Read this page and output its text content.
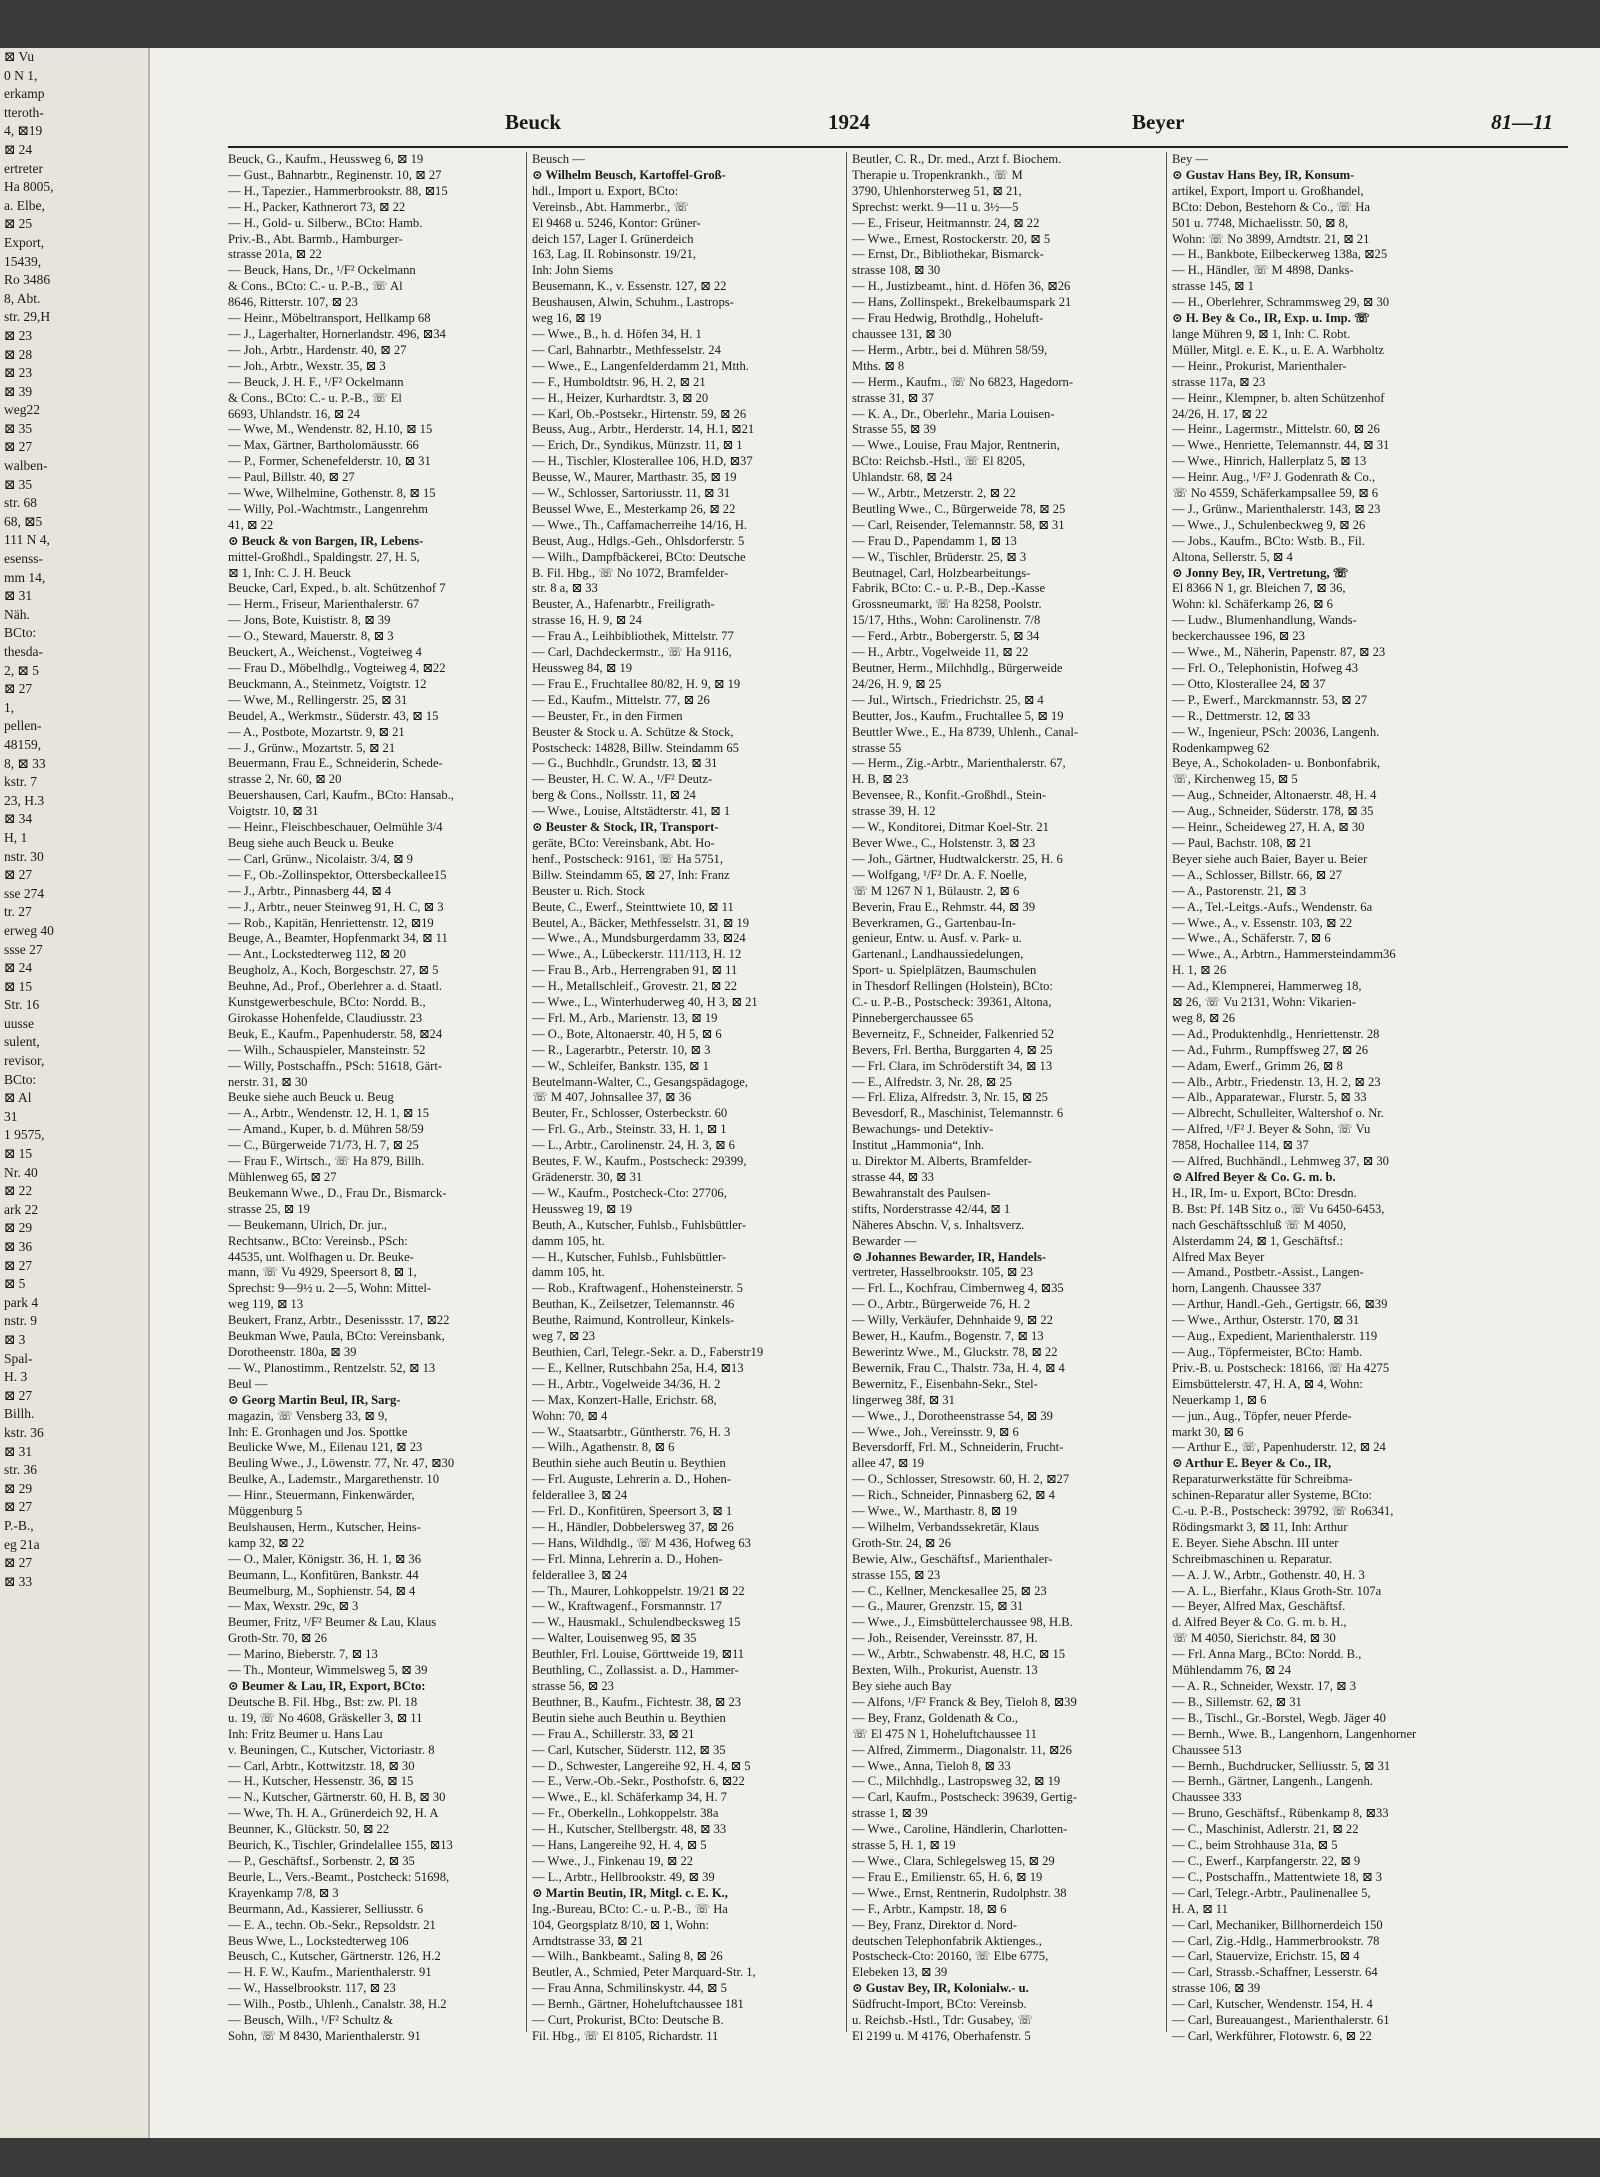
⊠ Vu
0 N 1,
erkamp
tteroth-
4, ⊠19
⊠ 24
ertreter
Ha 8005,
a. Elbe,
⊠ 25
Export,
15439,
Ro 3486
8, Abt.
str. 29,H
⊠ 23
⊠ 28
⊠ 23
⊠ 39
weg22
⊠ 35
⊠ 27
walben-
⊠ 35
str. 68
68, ⊠5
111 N 4,
esenss-
mm 14,
⊠ 31
Näh.
BCto:
thesda-
2, ⊠ 5
⊠ 27
1,
pellen-
48159,
8, ⊠ 33
kstr. 7
23, H.3
⊠ 34
H, 1
nstr. 30
⊠ 27
sse 274
tr. 27
erweg 40
ssse 27
⊠ 24
⊠ 15
Str. 16
uusse
sulent,
revisor,
BCto:
⊠ Al
31
1 9575,
⊠ 15
Nr. 40
⊠ 22
ark 22
⊠ 29
⊠ 36
⊠ 27
⊠ 5
park 4
nstr. 9
⊠ 3
Spal-
H. 3
⊠ 27
Billh.
kstr. 36
⊠ 31
str. 36
⊠ 29
⊠ 27
P.-B.,
eg 21a
⊠ 27
⊠ 33
Beuck	1924	Beyer	81—11

Beuck, G., Kaufm., Heussweg 6, ⊠ 19

— Gust., Bahnarbtr., Reginenstr. 10, ⊠ 27

— H., Tapezier., Hammerbrookstr. 88, ⊠15

— H., Packer, Kathnerort 73, ⊠ 22

— H., Gold- u. Silberw., BCto: Hamb.

Priv.-B., Abt. Barmb., Hamburger-

strasse 201a, ⊠ 22

— Beuck, Hans, Dr., ¹/F² Ockelmann

& Cons., BCto: C.- u. P.-B., ☏ Al

8646, Ritterstr. 107, ⊠ 23

— Heinr., Möbeltransport, Hellkamp 68

— J., Lagerhalter, Hornerlandstr. 496, ⊠34

— Joh., Arbtr., Hardenstr. 40, ⊠ 27

— Joh., Arbtr., Wexstr. 35, ⊠ 3

— Beuck, J. H. F., ¹/F² Ockelmann

& Cons., BCto: C.- u. P.-B., ☏ El

6693, Uhlandstr. 16, ⊠ 24

— Wwe, M., Wendenstr. 82, H.10, ⊠ 15

— Max, Gärtner, Bartholomäusstr. 66

— P., Former, Schenefelderstr. 10, ⊠ 31

— Paul, Billstr. 40, ⊠ 27

— Wwe, Wilhelmine, Gothenstr. 8, ⊠ 15

— Willy, Pol.-Wachtmstr., Langenrehm

41, ⊠ 22

⊙ Beuck & von Bargen, IR, Lebens-

mittel-Großhdl., Spaldingstr. 27, H. 5,

⊠ 1, Inh: C. J. H. Beuck

Beucke, Carl, Exped., b. alt. Schützenhof 7

— Herm., Friseur, Marienthalerstr. 67

— Jons, Bote, Kuististr. 8, ⊠ 39

— O., Steward, Mauerstr. 8, ⊠ 3

Beuckert, A., Weichenst., Vogteiweg 4

— Frau D., Möbelhdlg., Vogteiweg 4, ⊠22

Beuckmann, A., Steinmetz, Voigtstr. 12

— Wwe, M., Rellingerstr. 25, ⊠ 31

Beudel, A., Werkmstr., Süderstr. 43, ⊠ 15

— A., Postbote, Mozartstr. 9, ⊠ 21

— J., Grünw., Mozartstr. 5, ⊠ 21

Beuermann, Frau E., Schneiderin, Schede-

strasse 2, Nr. 60, ⊠ 20

Beuershausen, Carl, Kaufm., BCto: Hansab.,

Voigtstr. 10, ⊠ 31

— Heinr., Fleischbeschauer, Oelmühle 3/4

Beug siehe auch Beuck u. Beuke

— Carl, Grünw., Nicolaistr. 3/4, ⊠ 9

— F., Ob.-Zollinspektor, Ottersbeckallee15

— J., Arbtr., Pinnasberg 44, ⊠ 4

— J., Arbtr., neuer Steinweg 91, H. C, ⊠ 3

— Rob., Kapitän, Henriettenstr. 12, ⊠19

Beuge, A., Beamter, Hopfenmarkt 34, ⊠ 11

— Ant., Lockstedterweg 112, ⊠ 20

Beugholz, A., Koch, Borgeschstr. 27, ⊠ 5

Beuhne, Ad., Prof., Oberlehrer a. d. Staatl.

Kunstgewerbeschule, BCto: Nordd. B.,

Girokasse Hohenfelde, Claudiusstr. 23

Beuk, E., Kaufm., Papenhuderstr. 58, ⊠24

— Wilh., Schauspieler, Mansteinstr. 52

— Willy, Postschaffn., PSch: 51618, Gärt-

nerstr. 31, ⊠ 30

Beuke siehe auch Beuck u. Beug

— A., Arbtr., Wendenstr. 12, H. 1, ⊠ 15

— Amand., Kuper, b. d. Mühren 58/59

— C., Bürgerweide 71/73, H. 7, ⊠ 25

— Frau F., Wirtsch., ☏ Ha 879, Billh.

Mühlenweg 65, ⊠ 27

Beukemann Wwe., D., Frau Dr., Bismarck-

strasse 25, ⊠ 19

— Beukemann, Ulrich, Dr. jur.,

Rechtsanw., BCto: Vereinsb., PSch:

44535, unt. Wolfhagen u. Dr. Beuke-

mann, ☏ Vu 4929, Speersort 8, ⊠ 1,

Sprechst: 9—9½ u. 2—5, Wohn: Mittel-

weg 119, ⊠ 13

Beukert, Franz, Arbtr., Desenissstr. 17, ⊠22

Beukman Wwe, Paula, BCto: Vereinsbank,

Dorotheenstr. 180a, ⊠ 39

— W., Planostimm., Rentzelstr. 52, ⊠ 13

Beul —

⊙ Georg Martin Beul, IR, Sarg-

magazin, ☏ Vensberg 33, ⊠ 9,

Inh: E. Gronhagen und Jos. Spottke

Beulicke Wwe, M., Eilenau 121, ⊠ 23

Beuling Wwe., J., Löwenstr. 77, Nr. 47, ⊠30

Beulke, A., Lademstr., Margarethenstr. 10

— Hinr., Steuermann, Finkenwärder,

Müggenburg 5

Beulshausen, Herm., Kutscher, Heins-

kamp 32, ⊠ 22

— O., Maler, Königstr. 36, H. 1, ⊠ 36

Beumann, L., Konfitüren, Bankstr. 44

Beumelburg, M., Sophienstr. 54, ⊠ 4

— Max, Wexstr. 29c, ⊠ 3

Beumer, Fritz, ¹/F² Beumer & Lau, Klaus

Groth-Str. 70, ⊠ 26

— Marino, Bieberstr. 7, ⊠ 13

— Th., Monteur, Wimmelsweg 5, ⊠ 39

⊙ Beumer & Lau, IR, Export, BCto:

Deutsche B. Fil. Hbg., Bst: zw. Pl. 18

u. 19, ☏ No 4608, Gräskeller 3, ⊠ 11

Inh: Fritz Beumer u. Hans Lau

v. Beuningen, C., Kutscher, Victoriastr. 8

— Carl, Arbtr., Kottwitzstr. 18, ⊠ 30

— H., Kutscher, Hessenstr. 36, ⊠ 15

— N., Kutscher, Gärtnerstr. 60, H. B, ⊠ 30

— Wwe, Th. H. A., Grünerdeich 92, H. A

Beunner, K., Glückstr. 50, ⊠ 22

Beurich, K., Tischler, Grindelallee 155, ⊠13

— P., Geschäftsf., Sorbenstr. 2, ⊠ 35

Beurle, L., Vers.-Beamt., Postcheck: 51698,

Krayenkamp 7/8, ⊠ 3

Beurmann, Ad., Kassierer, Selliusstr. 6

— E. A., techn. Ob.-Sekr., Repsoldstr. 21

Beus Wwe, L., Lockstedterweg 106

Beusch, C., Kutscher, Gärtnerstr. 126, H.2

— H. F. W., Kaufm., Marienthalerstr. 91

— W., Hasselbrookstr. 117, ⊠ 23

— Wilh., Postb., Uhlenh., Canalstr. 38, H.2

— Beusch, Wilh., ¹/F² Schultz &

Sohn, ☏ M 8430, Marienthalerstr. 91

Beusch —

⊙ Wilhelm Beusch, Kartoffel-Groß-

hdl., Import u. Export, BCto:

Vereinsb., Abt. Hammerbr., ☏

El 9468 u. 5246, Kontor: Grüner-

deich 157, Lager I. Grünerdeich

163, Lag. II. Robinsonstr. 19/21,

Inh: John Siems

Beusemann, K., v. Essenstr. 127, ⊠ 22

Beushausen, Alwin, Schuhm., Lastrops-

weg 16, ⊠ 19

— Wwe., B., h. d. Höfen 34, H. 1

— Carl, Bahnarbtr., Methfesselstr. 24

— Wwe., E., Langenfelderdamm 21, Mtth.

— F., Humboldtstr. 96, H. 2, ⊠ 21

— H., Heizer, Kurhardtstr. 3, ⊠ 20

— Karl, Ob.-Postsekr., Hirtenstr. 59, ⊠ 26

Beuss, Aug., Arbtr., Herderstr. 14, H.1, ⊠21

— Erich, Dr., Syndikus, Münzstr. 11, ⊠ 1

— H., Tischler, Klosterallee 106, H.D, ⊠37

Beusse, W., Maurer, Marthastr. 35, ⊠ 19

— W., Schlosser, Sartoriusstr. 11, ⊠ 31

Beussel Wwe, E., Mesterkamp 26, ⊠ 22

— Wwe., Th., Caffamacherreihe 14/16, H.

Beust, Aug., Hdlgs.-Geh., Ohlsdorferstr. 5

— Wilh., Dampfbäckerei, BCto: Deutsche

B. Fil. Hbg., ☏ No 1072, Bramfelder-

str. 8 a, ⊠ 33

Beuster, A., Hafenarbtr., Freiligrath-

strasse 16, H. 9, ⊠ 24

— Frau A., Leihbibliothek, Mittelstr. 77

— Carl, Dachdeckermstr., ☏ Ha 9116,

Heussweg 84, ⊠ 19

— Frau E., Fruchtallee 80/82, H. 9, ⊠ 19

— Ed., Kaufm., Mittelstr. 77, ⊠ 26

— Beuster, Fr., in den Firmen

Beuster & Stock u. A. Schütze & Stock,

Postscheck: 14828, Billw. Steindamm 65

— G., Buchhdlr., Grundstr. 13, ⊠ 31

— Beuster, H. C. W. A., ¹/F² Deutz-

berg & Cons., Nollsstr. 11, ⊠ 24

— Wwe., Louise, Altstädterstr. 41, ⊠ 1

⊙ Beuster & Stock, IR, Transport-

geräte, BCto: Vereinsbank, Abt. Ho-

henf., Postscheck: 9161, ☏ Ha 5751,

Billw. Steindamm 65, ⊠ 27, Inh: Franz

Beuster u. Rich. Stock

Beute, C., Ewerf., Steinttwiete 10, ⊠ 11

Beutel, A., Bäcker, Methfesselstr. 31, ⊠ 19

— Wwe., A., Mundsburgerdamm 33, ⊠24

— Wwe., A., Lübeckerstr. 111/113, H. 12

— Frau B., Arb., Herrengraben 91, ⊠ 11

— H., Metallschleif., Grovestr. 21, ⊠ 22

— Wwe., L., Winterhuderweg 40, H 3, ⊠ 21

— Frl. M., Arb., Marienstr. 13, ⊠ 19

— O., Bote, Altonaerstr. 40, H 5, ⊠ 6

— R., Lagerarbtr., Peterstr. 10, ⊠ 3

— W., Schleifer, Bankstr. 135, ⊠ 1

Beutelmann-Walter, C., Gesangspädagoge,

☏ M 407, Johnsallee 37, ⊠ 36

Beuter, Fr., Schlosser, Osterbeckstr. 60

— Frl. G., Arb., Steinstr. 33, H. 1, ⊠ 1

— L., Arbtr., Carolinenstr. 24, H. 3, ⊠ 6

Beutes, F. W., Kaufm., Postscheck: 29399,

Grädenerstr. 30, ⊠ 31

— W., Kaufm., Postcheck-Cto: 27706,

Heussweg 19, ⊠ 19

Beuth, A., Kutscher, Fuhlsb., Fuhlsbüttler-

damm 105, ht.

— H., Kutscher, Fuhlsb., Fuhlsbüttler-

damm 105, ht.

— Rob., Kraftwagenf., Hohensteinerstr. 5

Beuthan, K., Zeilsetzer, Telemannstr. 46

Beuthe, Raimund, Kontrolleur, Kinkels-

weg 7, ⊠ 23

Beuthien, Carl, Telegr.-Sekr. a. D., Faberstr19

— E., Kellner, Rutschbahn 25a, H.4, ⊠13

— H., Arbtr., Vogelweide 34/36, H. 2

— Max, Konzert-Halle, Erichstr. 68,

Wohn: 70, ⊠ 4

— W., Staatsarbtr., Güntherstr. 76, H. 3

— Wilh., Agathenstr. 8, ⊠ 6

Beuthin siehe auch Beutin u. Beythien

— Frl. Auguste, Lehrerin a. D., Hohen-

felderallee 3, ⊠ 24

— Frl. D., Konfitüren, Speersort 3, ⊠ 1

— H., Händler, Dobbelersweg 37, ⊠ 26

— Hans, Wildhdlg., ☏ M 436, Hofweg 63

— Frl. Minna, Lehrerin a. D., Hohen-

felderallee 3, ⊠ 24

— Th., Maurer, Lohkoppelstr. 19/21 ⊠ 22

— W., Kraftwagenf., Forsmannstr. 17

— W., Hausmakl., Schulendbecksweg 15

— Walter, Louisenweg 95, ⊠ 35

Beuthler, Frl. Louise, Görttweide 19, ⊠11

Beuthling, C., Zollassist. a. D., Hammer-

strasse 56, ⊠ 23

Beuthner, B., Kaufm., Fichtestr. 38, ⊠ 23

Beutin siehe auch Beuthin u. Beythien

— Frau A., Schillerstr. 33, ⊠ 21

— Carl, Kutscher, Süderstr. 112, ⊠ 35

— D., Schwester, Langereihe 92, H. 4, ⊠ 5

— E., Verw.-Ob.-Sekr., Posthofstr. 6, ⊠22

— Wwe., E., kl. Schäferkamp 34, H. 7

— Fr., Oberkelln., Lohkoppelstr. 38a

— H., Kutscher, Stellbergstr. 48, ⊠ 33

— Hans, Langereihe 92, H. 4, ⊠ 5

— Wwe., J., Finkenau 19, ⊠ 22

— L., Arbtr., Hellbrookstr. 49, ⊠ 39

⊙ Martin Beutin, IR, Mitgl. c. E. K.,

Ing.-Bureau, BCto: C.- u. P.-B., ☏ Ha

104, Georgsplatz 8/10, ⊠ 1, Wohn:

Arndtstrasse 33, ⊠ 21

— Wilh., Bankbeamt., Saling 8, ⊠ 26

Beutler, A., Schmied, Peter Marquard-Str. 1,

— Frau Anna, Schmilinskystr. 44, ⊠ 5

— Bernh., Gärtner, Hoheluftchaussee 181

— Curt, Prokurist, BCto: Deutsche B.

Fil. Hbg., ☏ El 8105, Richardstr. 11

Beutler, C. R., Dr. med., Arzt f. Biochem.

Therapie u. Tropenkrankh., ☏ M

3790, Uhlenhorsterweg 51, ⊠ 21,

Sprechst: werkt. 9—11 u. 3½—5

— E., Friseur, Heitmannstr. 24, ⊠ 22

— Wwe., Ernest, Rostockerstr. 20, ⊠ 5

— Ernst, Dr., Bibliothekar, Bismarck-

strasse 108, ⊠ 30

— H., Justizbeamt., hint. d. Höfen 36, ⊠26

— Hans, Zollinspekt., Brekelbaumspark 21

— Frau Hedwig, Brothdlg., Hoheluft-

chaussee 131, ⊠ 30

— Herm., Arbtr., bei d. Mühren 58/59,

Mths. ⊠ 8

— Herm., Kaufm., ☏ No 6823, Hagedorn-

strasse 31, ⊠ 37

— K. A., Dr., Oberlehr., Maria Louisen-

Strasse 55, ⊠ 39

— Wwe., Louise, Frau Major, Rentnerin,

BCto: Reichsb.-Hstl., ☏ El 8205,

Uhlandstr. 68, ⊠ 24

— W., Arbtr., Metzerstr. 2, ⊠ 22

Beutling Wwe., C., Bürgerweide 78, ⊠ 25

— Carl, Reisender, Telemannstr. 58, ⊠ 31

— Frau D., Papendamm 1, ⊠ 13

— W., Tischler, Brüderstr. 25, ⊠ 3

Beutnagel, Carl, Holzbearbeitungs-

Fabrik, BCto: C.- u. P.-B., Dep.-Kasse

Grossneumarkt, ☏ Ha 8258, Poolstr.

15/17, Hths., Wohn: Carolinenstr. 7/8

— Ferd., Arbtr., Bobergerstr. 5, ⊠ 34

— H., Arbtr., Vogelweide 11, ⊠ 22

Beutner, Herm., Milchhdlg., Bürgerweide

24/26, H. 9, ⊠ 25

— Jul., Wirtsch., Friedrichstr. 25, ⊠ 4

Beutter, Jos., Kaufm., Fruchtallee 5, ⊠ 19

Beuttler Wwe., E., Ha 8739, Uhlenh., Canal-

strasse 55

— Herm., Zig.-Arbtr., Marienthalerstr. 67,

H. B, ⊠ 23

Bevensee, R., Konfit.-Großhdl., Stein-

strasse 39, H. 12

— W., Konditorei, Ditmar Koel-Str. 21

Bever Wwe., C., Holstenstr. 3, ⊠ 23

— Joh., Gärtner, Hudtwalckerstr. 25, H. 6

— Wolfgang, ¹/F² Dr. A. F. Noelle,

☏ M 1267 N 1, Bülaustr. 2, ⊠ 6

Beverin, Frau E., Rehmstr. 44, ⊠ 39

Beverkramen, G., Gartenbau-In-

genieur, Entw. u. Ausf. v. Park- u.

Gartenanl., Landhaussiedelungen,

Sport- u. Spielplätzen, Baumschulen

in Thesdorf Rellingen (Holstein), BCto:

C.- u. P.-B., Postscheck: 39361, Altona,

Pinnebergerchaussee 65

Beverneitz, F., Schneider, Falkenried 52

Bevers, Frl. Bertha, Burggarten 4, ⊠ 25

— Frl. Clara, im Schröderstift 34, ⊠ 13

— E., Alfredstr. 3, Nr. 28, ⊠ 25

— Frl. Eliza, Alfredstr. 3, Nr. 15, ⊠ 25

Bevesdorf, R., Maschinist, Telemannstr. 6

Bewachungs- und Detektiv-

Institut „Hammonia“, Inh.

u. Direktor M. Alberts, Bramfelder-

strasse 44, ⊠ 33

Bewahranstalt des Paulsen-

stifts, Norderstrasse 42/44, ⊠ 1

Näheres Abschn. V, s. Inhaltsverz.

Bewarder —

⊙ Johannes Bewarder, IR, Handels-

vertreter, Hasselbrookstr. 105, ⊠ 23

— Frl. L., Kochfrau, Cimbernweg 4, ⊠35

— O., Arbtr., Bürgerweide 76, H. 2

— Willy, Verkäufer, Dehnhaide 9, ⊠ 22

Bewer, H., Kaufm., Bogenstr. 7, ⊠ 13

Bewerintz Wwe., M., Gluckstr. 78, ⊠ 22

Bewernik, Frau C., Thalstr. 73a, H. 4, ⊠ 4

Bewernitz, F., Eisenbahn-Sekr., Stel-

lingerweg 38f, ⊠ 31

— Wwe., J., Dorotheenstrasse 54, ⊠ 39

— Wwe., Joh., Vereinsstr. 9, ⊠ 6

Beversdorff, Frl. M., Schneiderin, Frucht-

allee 47, ⊠ 19

— O., Schlosser, Stresowstr. 60, H. 2, ⊠27

— Rich., Schneider, Pinnasberg 62, ⊠ 4

— Wwe., W., Marthastr. 8, ⊠ 19

— Wilhelm, Verbandssekretär, Klaus

Groth-Str. 24, ⊠ 26

Bewie, Alw., Geschäftsf., Marienthaler-

strasse 155, ⊠ 23

— C., Kellner, Menckesallee 25, ⊠ 23

— G., Maurer, Grenzstr. 15, ⊠ 31

— Wwe., J., Eimsbüttelerchaussee 98, H.B.

— Joh., Reisender, Vereinsstr. 87, H.

— W., Arbtr., Schwabenstr. 48, H.C, ⊠ 15

Bexten, Wilh., Prokurist, Auenstr. 13

Bey siehe auch Bay

— Alfons, ¹/F² Franck & Bey, Tieloh 8, ⊠39

— Bey, Franz, Goldenath & Co.,

☏ El 475 N 1, Hoheluftchaussee 11

— Alfred, Zimmerm., Diagonalstr. 11, ⊠26

— Wwe., Anna, Tieloh 8, ⊠ 33

— C., Milchhdlg., Lastropsweg 32, ⊠ 19

— Carl, Kaufm., Postscheck: 39639, Gertig-

strasse 1, ⊠ 39

— Wwe., Caroline, Händlerin, Charlotten-

strasse 5, H. 1, ⊠ 19

— Wwe., Clara, Schlegelsweg 15, ⊠ 29

— Frau E., Emilienstr. 65, H. 6, ⊠ 19

— Wwe., Ernst, Rentnerin, Rudolphstr. 38

— F., Arbtr., Kampstr. 18, ⊠ 6

— Bey, Franz, Direktor d. Nord-

deutschen Telephonfabrik Aktienges.,

Postscheck-Cto: 20160, ☏ Elbe 6775,

Elebeken 13, ⊠ 39

⊙ Gustav Bey, IR, Kolonialw.- u.

Südfrucht-Import, BCto: Vereinsb.

u. Reichsb.-Hstl., Tdr: Gusabey, ☏

El 2199 u. M 4176, Oberhafenstr. 5

Bey —

⊙ Gustav Hans Bey, IR, Konsum-

artikel, Export, Import u. Großhandel,

BCto: Debon, Bestehorn & Co., ☏ Ha

501 u. 7748, Michaelisstr. 50, ⊠ 8,

Wohn: ☏ No 3899, Arndtstr. 21, ⊠ 21

— H., Bankbote, Eilbeckerweg 138a, ⊠25

— H., Händler, ☏ M 4898, Danks-

strasse 145, ⊠ 1

— H., Oberlehrer, Schrammsweg 29, ⊠ 30

⊙ H. Bey & Co., IR, Exp. u. Imp. ☏

lange Mühren 9, ⊠ 1, Inh: C. Robt.

Müller, Mitgl. e. E. K., u. E. A. Warbholtz

— Heinr., Prokurist, Marienthaler-

strasse 117a, ⊠ 23

— Heinr., Klempner, b. alten Schützenhof

24/26, H. 17, ⊠ 22

— Heinr., Lagermstr., Mittelstr. 60, ⊠ 26

— Wwe., Henriette, Telemannstr. 44, ⊠ 31

— Wwe., Hinrich, Hallerplatz 5, ⊠ 13

— Heinr. Aug., ¹/F² J. Godenrath & Co.,

☏ No 4559, Schäferkampsallee 59, ⊠ 6

— J., Grünw., Marienthalerstr. 143, ⊠ 23

— Wwe., J., Schulenbeckweg 9, ⊠ 26

— Jobs., Kaufm., BCto: Wstb. B., Fil.

Altona, Sellerstr. 5, ⊠ 4

⊙ Jonny Bey, IR, Vertretung, ☏

El 8366 N 1, gr. Bleichen 7, ⊠ 36,

Wohn: kl. Schäferkamp 26, ⊠ 6

— Ludw., Blumenhandlung, Wands-

beckerchaussee 196, ⊠ 23

— Wwe., M., Näherin, Papenstr. 87, ⊠ 23

— Frl. O., Telephonistin, Hofweg 43

— Otto, Klosterallee 24, ⊠ 37

— P., Ewerf., Marckmannstr. 53, ⊠ 27

— R., Dettmerstr. 12, ⊠ 33

— W., Ingenieur, PSch: 20036, Langenh.

Rodenkampweg 62

Beye, A., Schokoladen- u. Bonbonfabrik,

☏, Kirchenweg 15, ⊠ 5

— Aug., Schneider, Altonaerstr. 48, H. 4

— Aug., Schneider, Süderstr. 178, ⊠ 35

— Heinr., Scheideweg 27, H. A, ⊠ 30

— Paul, Bachstr. 108, ⊠ 21

Beyer siehe auch Baier, Bayer u. Beier

— A., Schlosser, Billstr. 66, ⊠ 27

— A., Pastorenstr. 21, ⊠ 3

— A., Tel.-Leitgs.-Aufs., Wendenstr. 6a

— Wwe., A., v. Essenstr. 103, ⊠ 22

— Wwe., A., Schäferstr. 7, ⊠ 6

— Wwe., A., Arbtrn., Hammersteindamm36

H. 1, ⊠ 26

— Ad., Klempnerei, Hammerweg 18,

⊠ 26, ☏ Vu 2131, Wohn: Vikarien-

weg 8, ⊠ 26

— Ad., Produktenhdlg., Henriettenstr. 28

— Ad., Fuhrm., Rumpffsweg 27, ⊠ 26

— Adam, Ewerf., Grimm 26, ⊠ 8

— Alb., Arbtr., Friedenstr. 13, H. 2, ⊠ 23

— Alb., Apparatewar., Flurstr. 5, ⊠ 33

— Albrecht, Schulleiter, Waltershof o. Nr.

— Alfred, ¹/F² J. Beyer & Sohn, ☏ Vu

7858, Hochallee 114, ⊠ 37

— Alfred, Buchhändl., Lehmweg 37, ⊠ 30

⊙ Alfred Beyer & Co. G. m. b.

H., IR, Im- u. Export, BCto: Dresdn.

B. Bst: Pf. 14B Sitz o., ☏ Vu 6450-6453,

nach Geschäftsschluß ☏ M 4050,

Alsterdamm 24, ⊠ 1, Geschäftsf.:

Alfred Max Beyer

— Amand., Postbetr.-Assist., Langen-

horn, Langenh. Chaussee 337

— Arthur, Handl.-Geh., Gertigstr. 66, ⊠39

— Wwe., Arthur, Osterstr. 170, ⊠ 31

— Aug., Expedient, Marienthalerstr. 119

— Aug., Töpfermeister, BCto: Hamb.

Priv.-B. u. Postscheck: 18166, ☏ Ha 4275

Eimsbüttelerstr. 47, H. A, ⊠ 4, Wohn:

Neuerkamp 1, ⊠ 6

— jun., Aug., Töpfer, neuer Pferde-

markt 30, ⊠ 6

— Arthur E., ☏, Papenhuderstr. 12, ⊠ 24

⊙ Arthur E. Beyer & Co., IR,

Reparaturwerkstätte für Schreibma-

schinen-Reparatur aller Systeme, BCto:

C.-u. P.-B., Postscheck: 39792, ☏ Ro6341,

Rödingsmarkt 3, ⊠ 11, Inh: Arthur

E. Beyer. Siehe Abschn. III unter

Schreibmaschinen u. Reparatur.

— A. J. W., Arbtr., Gothenstr. 40, H. 3

— A. L., Bierfahr., Klaus Groth-Str. 107a

— Beyer, Alfred Max, Geschäftsf.

d. Alfred Beyer & Co. G. m. b. H.,

☏ M 4050, Sierichstr. 84, ⊠ 30

— Frl. Anna Marg., BCto: Nordd. B.,

Mühlendamm 76, ⊠ 24

— A. R., Schneider, Wexstr. 17, ⊠ 3

— B., Sillemstr. 62, ⊠ 31

— B., Tischl., Gr.-Borstel, Wegb. Jäger 40

— Bernh., Wwe. B., Langenhorn, Langenhorner

Chaussee 513

— Bernh., Buchdrucker, Selliusstr. 5, ⊠ 31

— Bernh., Gärtner, Langenh., Langenh.

Chaussee 333

— Bruno, Geschäftsf., Rübenkamp 8, ⊠33

— C., Maschinist, Adlerstr. 21, ⊠ 22

— C., beim Strohhause 31a, ⊠ 5

— C., Ewerf., Karpfangerstr. 22, ⊠ 9

— C., Postschaffn., Mattentwiete 18, ⊠ 3

— Carl, Telegr.-Arbtr., Paulinenallee 5,

H. A, ⊠ 11

— Carl, Mechaniker, Billhornerdeich 150

— Carl, Zig.-Hdlg., Hammerbrookstr. 78

— Carl, Stauervize, Erichstr. 15, ⊠ 4

— Carl, Strassb.-Schaffner, Lesserstr. 64

strasse 106, ⊠ 39

— Carl, Kutscher, Wendenstr. 154, H. 4

— Carl, Bureauangest., Marienthalerstr. 61

— Carl, Werkführer, Flotowstr. 6, ⊠ 22
